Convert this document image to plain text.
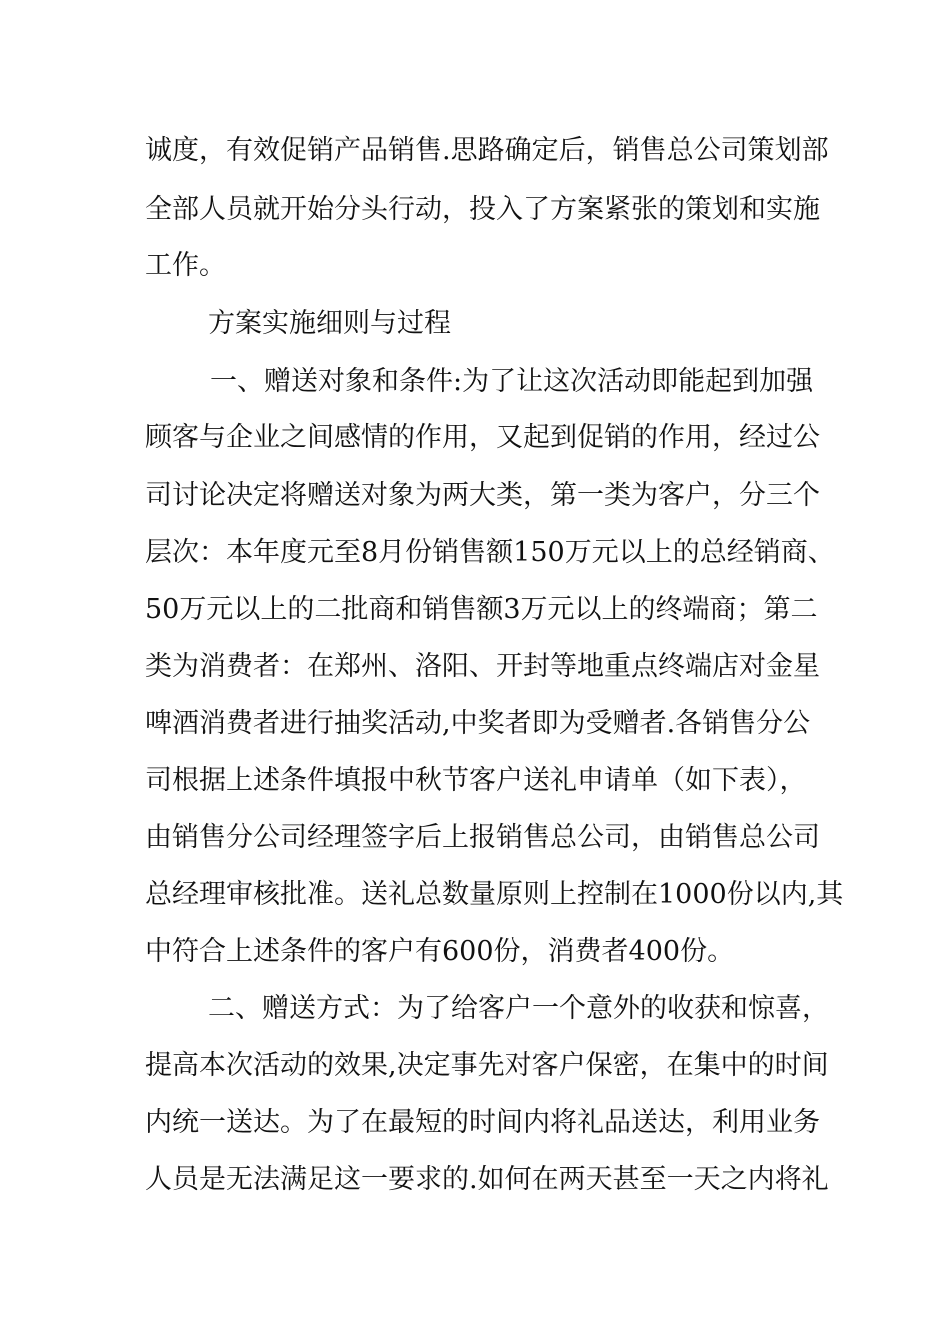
诚度，有效促销产品销售.思路确定后，销售总公司策划部

全部人员就开始分头行动，投入了方案紧张的策划和实施

工作。

方案实施细则与过程

一、赠送对象和条件:为了让这次活动即能起到加强

顾客与企业之间感情的作用，又起到促销的作用，经过公

司讨论决定将赠送对象为两大类，第一类为客户，分三个

层次：本年度元至8月份销售额150万元以上的总经销商、

50万元以上的二批商和销售额3万元以上的终端商；第二

类为消费者：在郑州、洛阳、开封等地重点终端店对金星

啤酒消费者进行抽奖活动,中奖者即为受赠者.各销售分公

司根据上述条件填报中秋节客户送礼申请单（如下表），

由销售分公司经理签字后上报销售总公司，由销售总公司

总经理审核批准。送礼总数量原则上控制在1000份以内,其

中符合上述条件的客户有600份，消费者400份。

二、赠送方式：为了给客户一个意外的收获和惊喜，

提高本次活动的效果,决定事先对客户保密，在集中的时间

内统一送达。为了在最短的时间内将礼品送达，利用业务

人员是无法满足这一要求的.如何在两天甚至一天之内将礼
